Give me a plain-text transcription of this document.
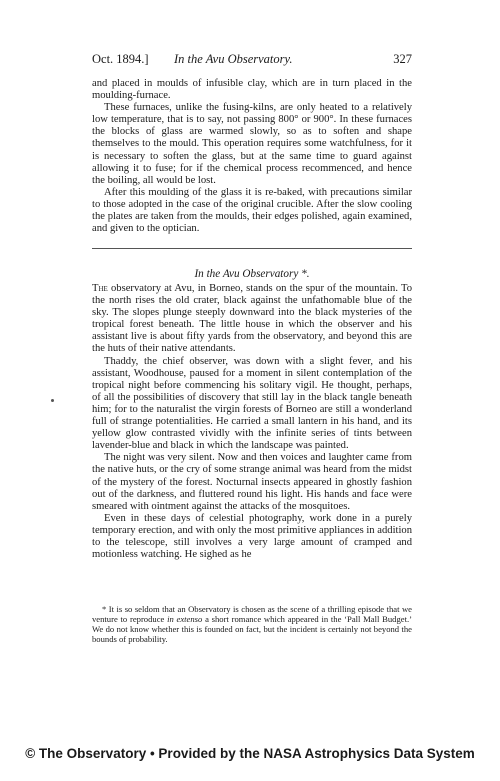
Oct. 1894.] In the Avu Observatory.	327

and placed in moulds of infusible clay, which are in turn placed in the moulding-furnace.

These furnaces, unlike the fusing-kilns, are only heated to a relatively low temperature, that is to say, not passing 800° or 900°. In these furnaces the blocks of glass are warmed slowly, so as to soften and shape themselves to the mould. This operation requires some watchfulness, for it is necessary to soften the glass, but at the same time to guard against allowing it to fuse; for if the chemical process recommenced, and hence the boiling, all would be lost.

After this moulding of the glass it is re-baked, with precautions similar to those adopted in the case of the original crucible. After the slow cooling the plates are taken from the moulds, their edges polished, again examined, and given to the optician.

In the Avu Observatory *.

The observatory at Avu, in Borneo, stands on the spur of the mountain. To the north rises the old crater, black against the unfathomable blue of the sky. The slopes plunge steeply downward into the black mysteries of the tropical forest beneath. The little house in which the observer and his assistant live is about fifty yards from the observatory, and beyond this are the huts of their native attendants.

Thaddy, the chief observer, was down with a slight fever, and his assistant, Woodhouse, paused for a moment in silent contemplation of the tropical night before commencing his solitary vigil. He thought, perhaps, of all the possibilities of discovery that still lay in the black tangle beneath him; for to the naturalist the virgin forests of Borneo are still a wonderland full of strange potentialities. He carried a small lantern in his hand, and its yellow glow contrasted vividly with the infinite series of tints between lavender-blue and black in which the landscape was painted.

The night was very silent. Now and then voices and laughter came from the native huts, or the cry of some strange animal was heard from the midst of the mystery of the forest. Nocturnal insects appeared in ghostly fashion out of the darkness, and fluttered round his light. His hands and face were smeared with ointment against the attacks of the mosquitoes.

Even in these days of celestial photography, work done in a purely temporary erection, and with only the most primitive appliances in addition to the telescope, still involves a very large amount of cramped and motionless watching. He sighed as he

* It is so seldom that an Observatory is chosen as the scene of a thrilling episode that we venture to reproduce in extenso a short romance which appeared in the ‘Pall Mall Budget.’ We do not know whether this is founded on fact, but the incident is certainly not beyond the bounds of probability.

© The Observatory • Provided by the NASA Astrophysics Data System
